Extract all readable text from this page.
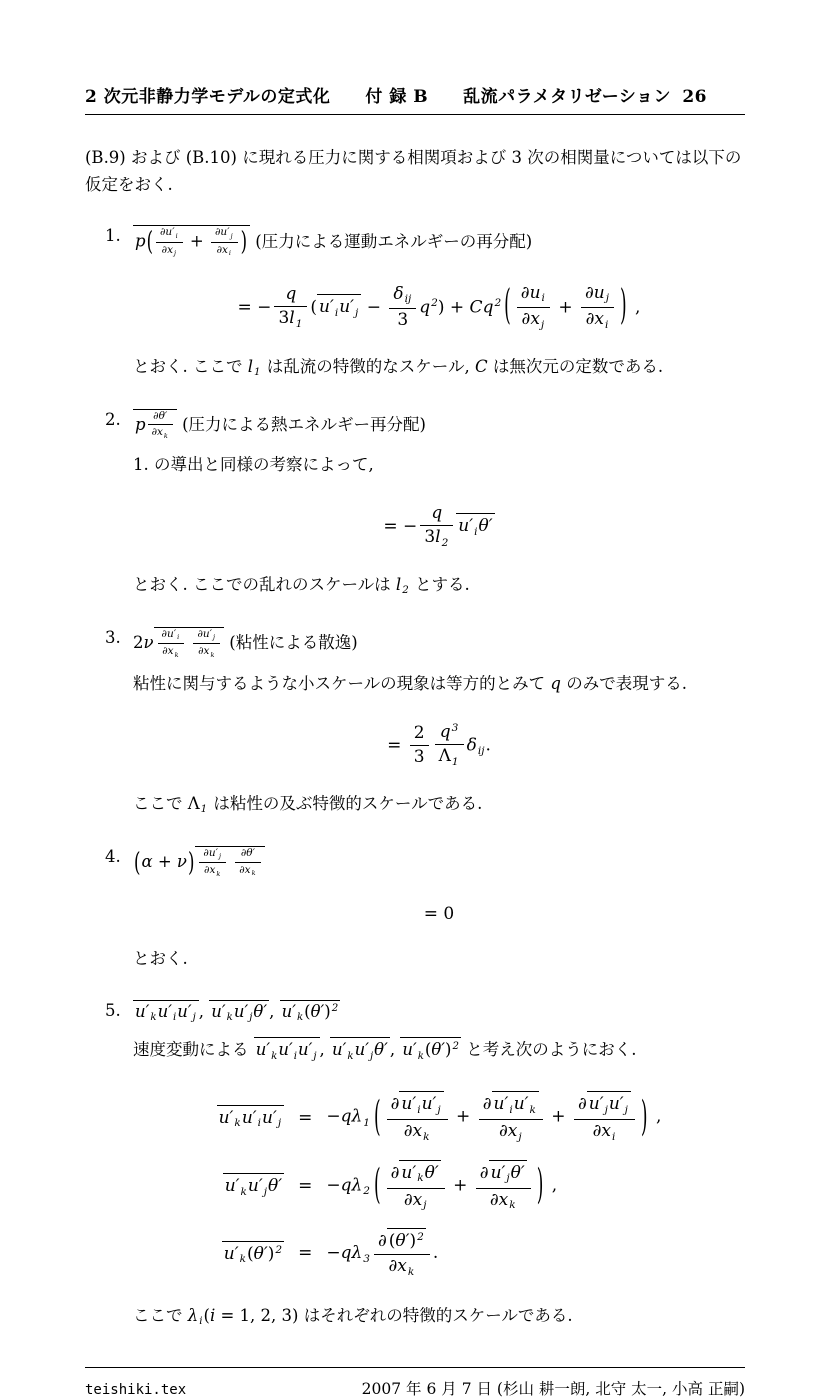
2 次元非静力学モデルの定式化　　付 録 B　　乱流パラメタリゼーション 26

(B.9) および (B.10) に現れる圧力に関する相関項および 3 次の相関量については以下の仮定をおく.

1. $p( \frac{\partial u'_i}{\partial x_j} + \frac{\partial u'_j}{\partial x_i}$ ) (圧力による運動エネルギーの再分配)
= − $\frac{q}{3l_1}$ ( $u'_iu'_j$ −
$\delta_{ij}$
3
$q^2) + Cq^2$ ( $\frac{\partial u_i}{\partial x_j} + \frac{\partial u_j}{\partial x_i}$ ) ,
とおく. ここで $l_1$ は乱流の特徴的なスケール, C は無次元の定数である.
2. p $\frac{\partial\theta'}{\partial x_k}$ (圧力による熱エネルギー再分配)
1. の導出と同様の考察によって,
= − $\frac{q}{3l_2} u'_i\theta'$
とおく. ここでの乱れのスケールは $l_2$ とする.
3. $2\nu \frac{\partial u'_i}{\partial x_k}$
$\frac{\partial u'_j}{\partial x_k}$ (粘性による散逸)
粘性に関与するような小スケールの現象は等方的とみて q のみで表現する.
= $\frac{2}{3} \frac{q^3}{\Lambda_1} \delta_{ij}$.
ここで $\Lambda_1$ は粘性の及ぶ特徴的スケールである.
4. $(\alpha + \nu) \frac{\partial u'_j}{\partial x_k}$
$\frac{\partial\theta'}{\partial x_k}$
= 0
とおく.
5. $u'_ku'_iu'_j$ , $u'_ku'_j\theta'$ , $u'_k(\theta')^2$
速度変動による $u'_ku'_iu'_j$ , $u'_ku'_j\theta'$ , $u'_k(\theta')^2$ と考え次のようにおく.
$u'_ku'_iu'_j$	=	$-q\lambda_1$ ( $\frac{\partial u'_iu'_j}{\partial x_k} + \frac{\partial u'_iu'_k}{\partial x_j} + \frac{\partial u'_ju'_j}{\partial x_i}$ ) ,
$u'_ku'_j\theta'$	=	$-q\lambda_2$ ( $\frac{\partial u'_k\theta'}{\partial x_j} + \frac{\partial u'_j\theta'}{\partial x_k}$ ) ,
$u'_k(\theta')^2$	=	$-q\lambda_3 \frac{\partial (\theta')^2}{\partial x_k}$ .
ここで $\lambda_i(i = 1$, 2, 3) はそれぞれの特徴的スケールである.
teishiki.tex	2007 年 6 月 7 日 (杉山 耕一朗, 北守 太一, 小高 正嗣)
